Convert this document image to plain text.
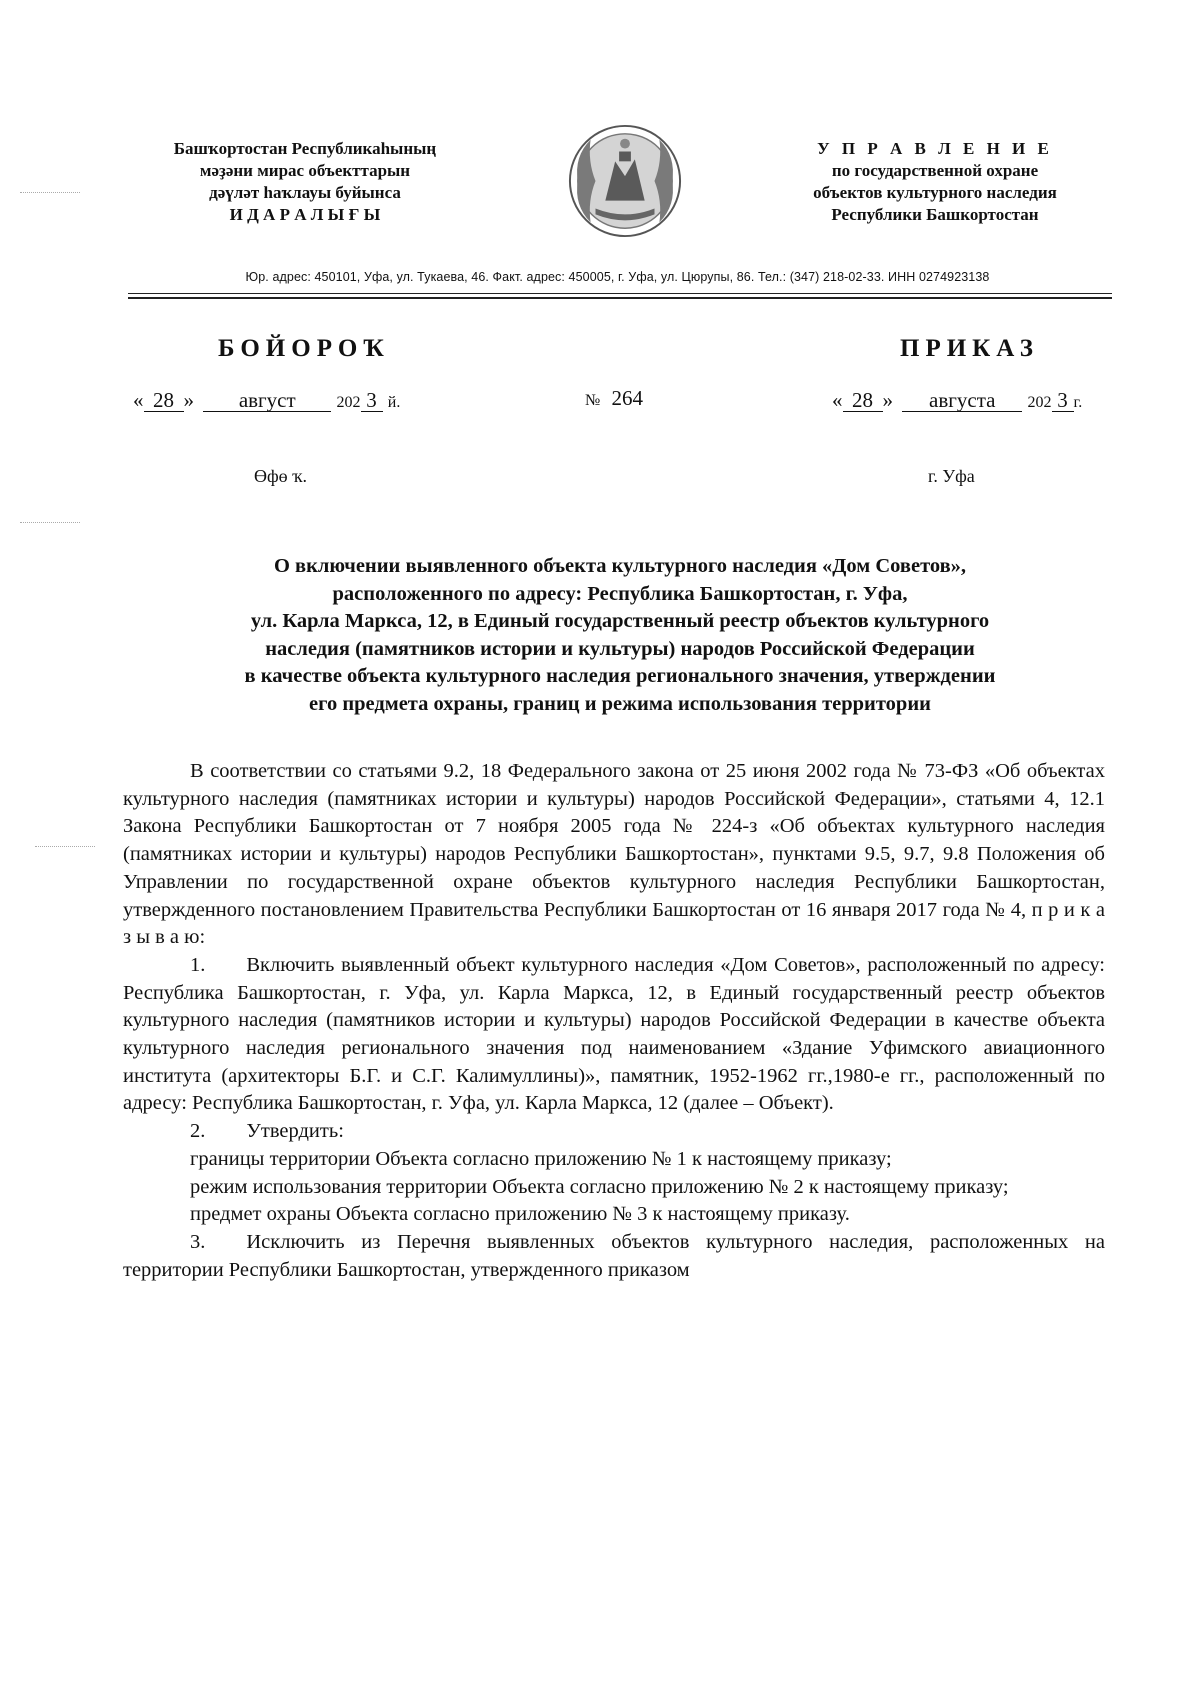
Башҡортостан Республикаһының
мәҙәни мирас объекттарын
дәүләт һаҡлауы буйынса
И Д А Р А Л Ы Ғ Ы
У П Р А В Л Е Н И Е
по государственной охране
объектов культурного наследия
Республики Башкортостан
Юр. адрес: 450101, Уфа, ул. Тукаева, 46. Факт. адрес: 450005, г. Уфа, ул. Цюрупы, 86. Тел.: (347) 218-02-33. ИНН 0274923138
БОЙОРОҠ	ПРИКАЗ
« 28 » август	202 3 й.	№ 264	« 28 » августа 202 3 г.
Өфө ҡ.	г. Уфа
О включении выявленного объекта культурного наследия «Дом Советов»,
расположенного по адресу: Республика Башкортостан, г. Уфа,
ул. Карла Маркса, 12, в Единый государственный реестр объектов культурного
наследия (памятников истории и культуры) народов Российской Федерации
в качестве объекта культурного наследия регионального значения, утверждении
его предмета охраны, границ и режима использования территории

В соответствии со статьями 9.2, 18 Федерального закона от 25 июня 2002 года № 73-ФЗ «Об объектах культурного наследия (памятниках истории и культуры) народов Российской Федерации», статьями 4, 12.1 Закона Республики Башкортостан от 7 ноября 2005 года № 224-з «Об объектах культурного наследия (памятниках истории и культуры) народов Республики Башкортостан», пунктами 9.5, 9.7, 9.8 Положения об Управлении по государственной охране объектов культурного наследия Республики Башкортостан, утвержденного постановлением Правительства Республики Башкортостан от 16 января 2017 года № 4, п р и к а з ы в а ю:

1.  Включить выявленный объект культурного наследия «Дом Советов», расположенный по адресу: Республика Башкортостан, г. Уфа, ул. Карла Маркса, 12, в Единый государственный реестр объектов культурного наследия (памятников истории и культуры) народов Российской Федерации в качестве объекта культурного наследия регионального значения под наименованием «Здание Уфимского авиационного института (архитекторы Б.Г. и С.Г. Калимуллины)», памятник, 1952-1962 гг.,1980-е гг., расположенный по адресу: Республика Башкортостан, г. Уфа, ул. Карла Маркса, 12 (далее – Объект).

2.  Утвердить:

границы территории Объекта согласно приложению № 1 к настоящему приказу;

режим использования территории Объекта согласно приложению № 2 к настоящему приказу;

предмет охраны Объекта согласно приложению № 3 к настоящему приказу.

3.  Исключить из Перечня выявленных объектов культурного наследия, расположенных на территории Республики Башкортостан, утвержденного приказом
